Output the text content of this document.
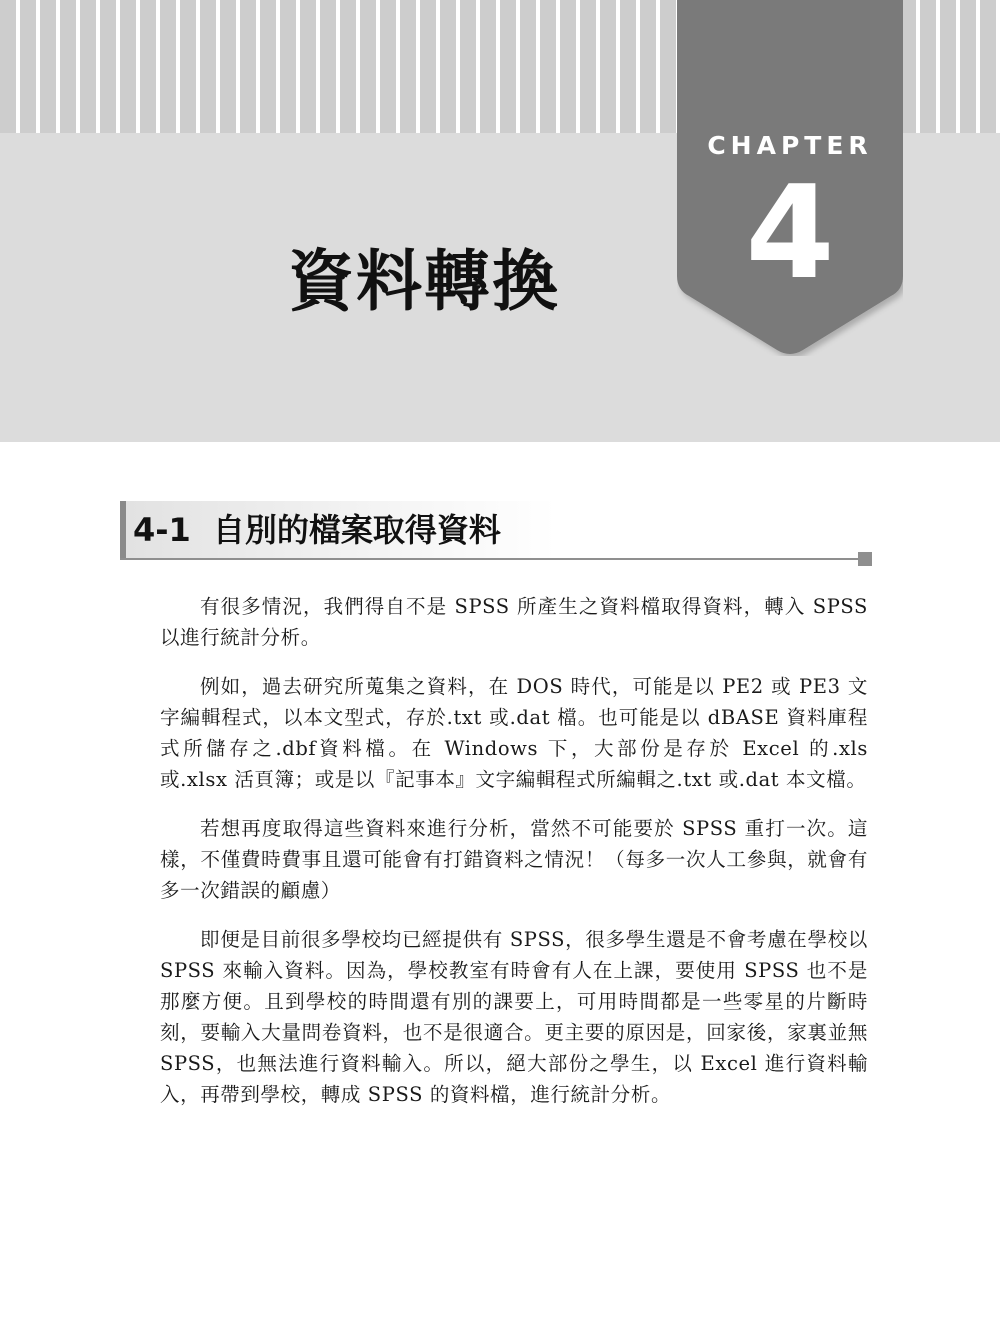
資料轉換
CHAPTER
4
4-1 自別的檔案取得資料

有很多情況，我們得自不是 SPSS 所產生之資料檔取得資料，轉入 SPSS 以進行統計分析。

例如，過去研究所蒐集之資料，在 DOS 時代，可能是以 PE2 或 PE3 文字編輯程式，以本文型式，存於.txt 或.dat 檔。也可能是以 dBASE 資料庫程式所儲存之.dbf資料檔。在 Windows 下，大部份是存於 Excel 的.xls 或.xlsx 活頁簿；或是以『記事本』文字編輯程式所編輯之.txt 或.dat 本文檔。

若想再度取得這些資料來進行分析，當然不可能要於 SPSS 重打一次。這樣，不僅費時費事且還可能會有打錯資料之情況！（每多一次人工參與，就會有多一次錯誤的顧慮）

即便是目前很多學校均已經提供有 SPSS，很多學生還是不會考慮在學校以 SPSS 來輸入資料。因為，學校教室有時會有人在上課，要使用 SPSS 也不是那麼方便。且到學校的時間還有別的課要上，可用時間都是一些零星的片斷時刻，要輸入大量問卷資料，也不是很適合。更主要的原因是，回家後，家裏並無 SPSS，也無法進行資料輸入。所以，絕大部份之學生，以 Excel 進行資料輸入，再帶到學校，轉成 SPSS 的資料檔，進行統計分析。
